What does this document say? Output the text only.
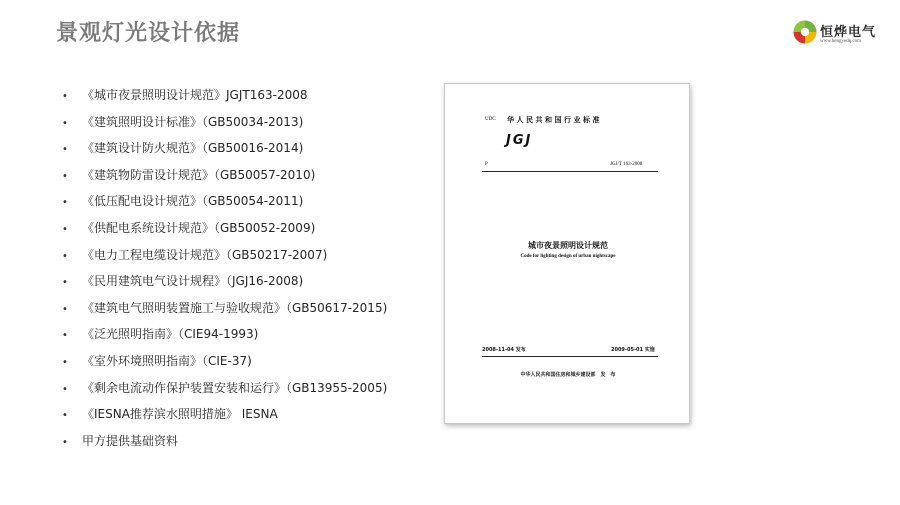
景观灯光设计依据	恒烨电气
www.hengyedq.com
• 《城市夜景照明设计规范》JGJT163-2008
• 《建筑照明设计标准》（GB50034-2013)
• 《建筑设计防火规范》（GB50016-2014)
• 《建筑物防雷设计规范》（GB50057-2010)
• 《低压配电设计规范》（GB50054-2011)
• 《供配电系统设计规范》（GB50052-2009)
• 《电力工程电缆设计规范》（GB50217-2007)
• 《民用建筑电气设计规程》（JGJ16-2008)
• 《建筑电气照明装置施工与验收规范》（GB50617-2015)
• 《泛光照明指南》（CIE94-1993)
• 《室外环境照明指南》（CIE-37)
• 《剩余电流动作保护装置安装和运行》（GB13955-2005)
• 《IESNA推荐滨水照明措施》 IESNA
• 甲方提供基础资料
UDC 华人民共和国行业标准
JGJ
P	JGJ/T 163-2008
城市夜景照明设计规范
Code for lighting design of urban nightscape
2008-11-04 发布	2009-05-01 实施
中华人民共和国住房和城乡建设部　发　布
